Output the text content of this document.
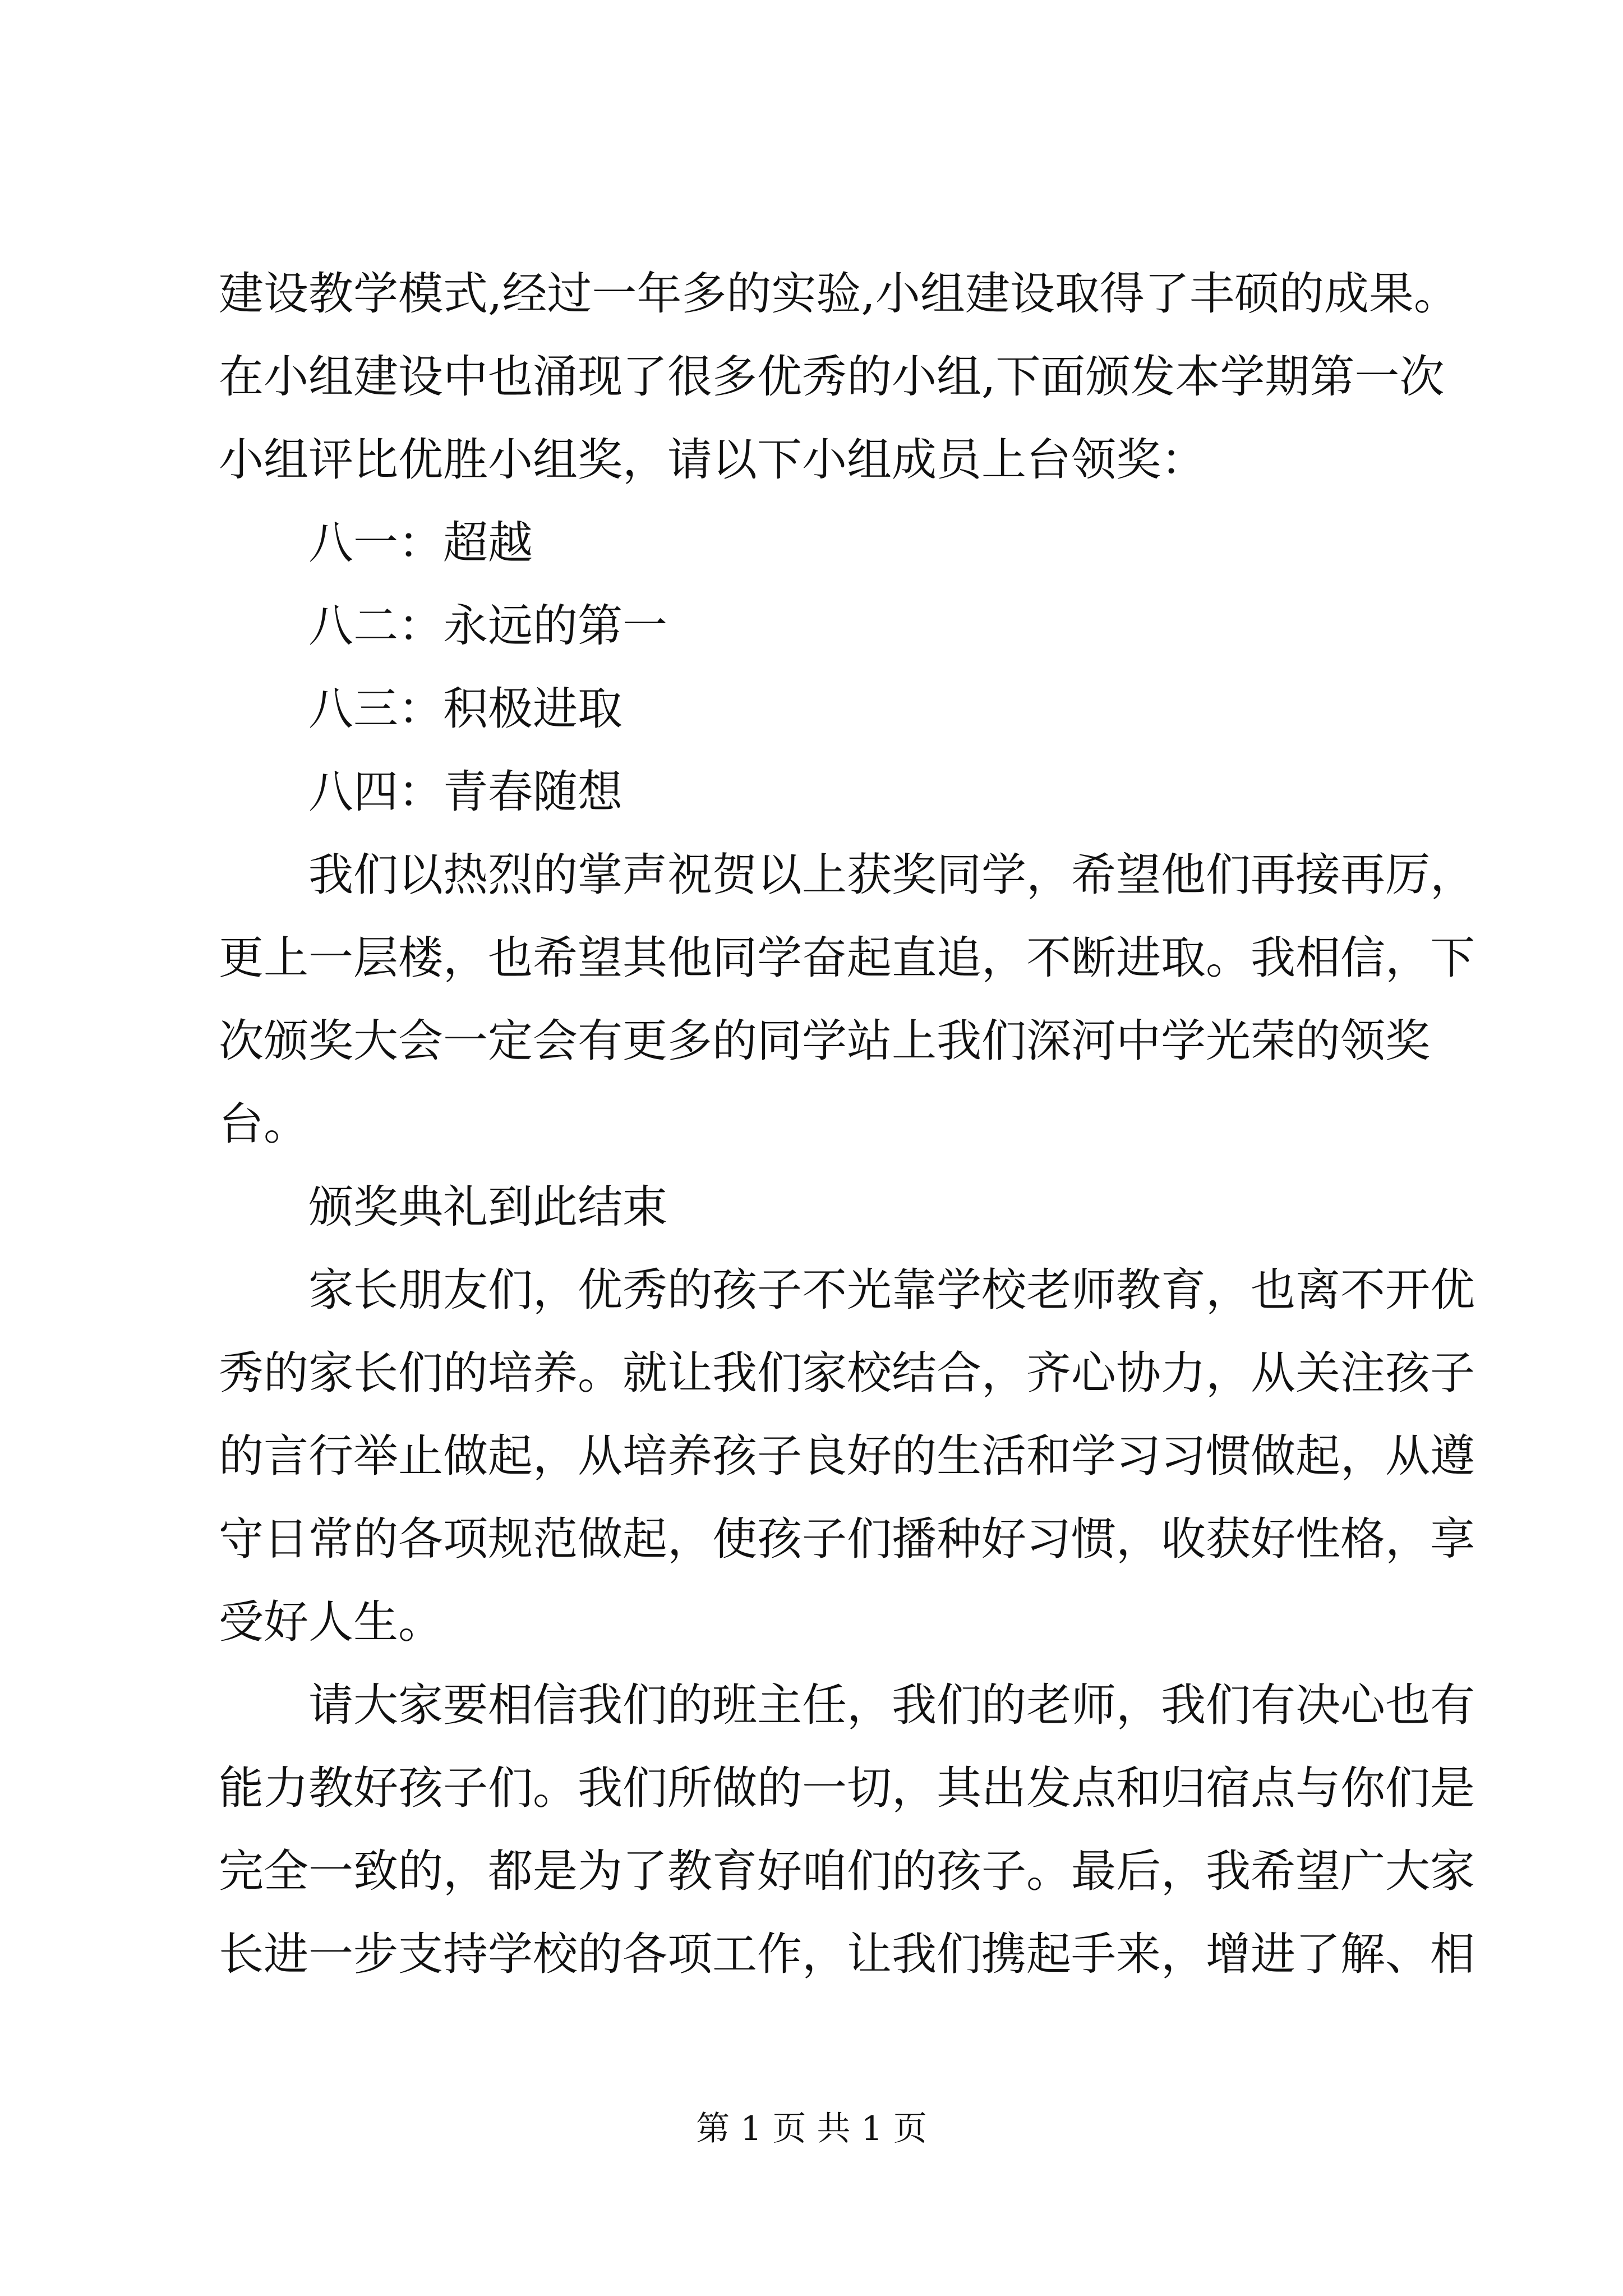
建设教学模式,经过一年多的实验,小组建设取得了丰硕的成果。
在小组建设中也涌现了很多优秀的小组,下面颁发本学期第一次
小组评比优胜小组奖，请以下小组成员上台领奖：
八一：超越
八二：永远的第一
八三：积极进取
八四：青春随想
我们以热烈的掌声祝贺以上获奖同学，希望他们再接再厉，
更上一层楼，也希望其他同学奋起直追，不断进取。我相信，下
次颁奖大会一定会有更多的同学站上我们深河中学光荣的领奖
台。
颁奖典礼到此结束
家长朋友们，优秀的孩子不光靠学校老师教育，也离不开优
秀的家长们的培养。就让我们家校结合，齐心协力，从关注孩子
的言行举止做起，从培养孩子良好的生活和学习习惯做起，从遵
守日常的各项规范做起，使孩子们播种好习惯，收获好性格，享
受好人生。
请大家要相信我们的班主任，我们的老师，我们有决心也有
能力教好孩子们。我们所做的一切，其出发点和归宿点与你们是
完全一致的，都是为了教育好咱们的孩子。最后，我希望广大家
长进一步支持学校的各项工作，让我们携起手来，增进了解、相
第 1 页 共 1 页
